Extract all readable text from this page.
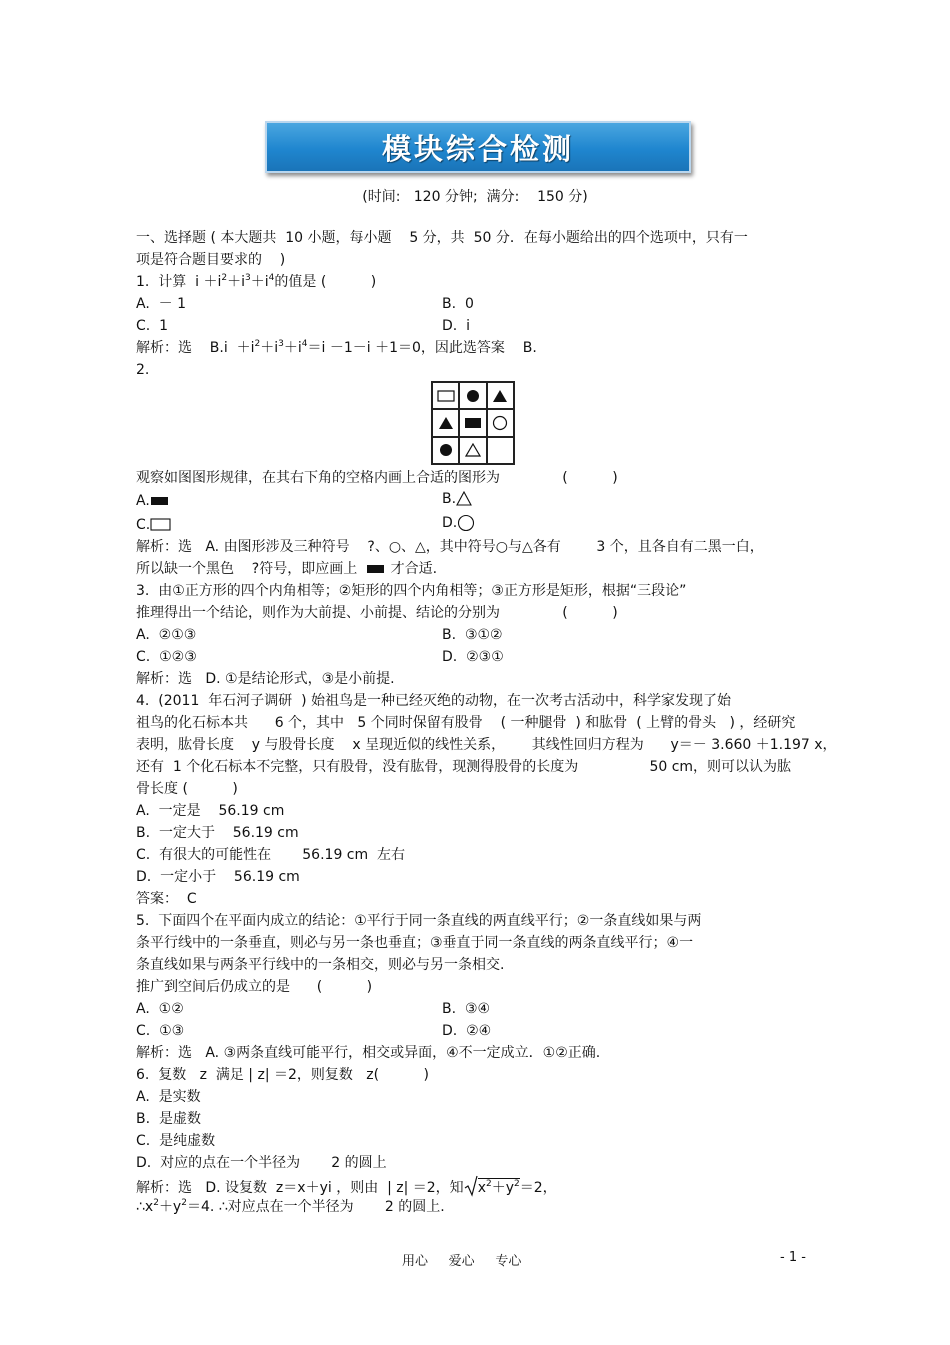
模块综合检测
(时间:   120 分钟;  满分:    150 分)
一、选择题 ( 本大题共  10 小题，每小题    5 分，共  50 分．在每小题给出的四个选项中，只有一
项是符合题目要求的    )
1.  计算  $i +i^2+i^3+i^4$的值是 (          )
A.  － 1	B.  0
C.  1	D.  i
解析：选    $B.i +i^2+i^3+i^4=i -1-i +1=0$，因此选答案    B.
2.
观察如图图形规律，在其右下角的空格内画上合适的图形为              (          )
A.	B.
C.	D.
解析：选   A. 由图形涉及三种符号    ?、○、△，其中符号○与△各有        3 个，且各自有二黑一白，
所以缺一个黑色    ?符号，即应画上   才合适.
3.  由①正方形的四个内角相等；②矩形的四个内角相等；③正方形是矩形，根据“三段论”
推理得出一个结论，则作为大前提、小前提、结论的分别为              (          )
A.  ②①③	B.  ③①②
C.  ①②③	D.  ②③①
解析：选   D. ①是结论形式，③是小前提.
4.  (2011  年石河子调研  ) 始祖鸟是一种已经灭绝的动物，在一次考古活动中，科学家发现了始
祖鸟的化石标本共      6 个，其中   5 个同时保留有股骨    ( 一种腿骨  ) 和肱骨  ( 上臂的骨头   ) ，经研究
表明，肱骨长度    y 与股骨长度    x 呈现近似的线性关系，      其线性回归方程为      y＝－ 3.660 ＋1.197 x，
还有  1 个化石标本不完整，只有股骨，没有肱骨，现测得股骨的长度为                50 cm，则可以认为肱
骨长度 (          )
A.  一定是    56.19 cm
B.  一定大于    56.19 cm
C.  有很大的可能性在       56.19 cm  左右
D.  一定小于    56.19 cm
答案：  C
5.  下面四个在平面内成立的结论：①平行于同一条直线的两直线平行；②一条直线如果与两
条平行线中的一条垂直，则必与另一条也垂直；③垂直于同一条直线的两条直线平行；④一
条直线如果与两条平行线中的一条相交，则必与另一条相交.
推广到空间后仍成立的是      (          )
A.  ①②	B.  ③④
C.  ①③	D.  ②④
解析：选   A. ③两条直线可能平行，相交或异面，④不一定成立．①②正确.
6.  复数   z  满足 | z| ＝2，则复数   z(          )
A.  是实数
B.  是虚数
C.  是纯虚数
D.  对应的点在一个半径为       2 的圆上
解析：选   D. 设复数  z＝x＋yi ，则由  | z| ＝2，知 $x^2+y^2=2$，
$\therefore x^2+y^2=4$. ∴对应点在一个半径为       2 的圆上.
用心     爱心     专心	- 1 -
